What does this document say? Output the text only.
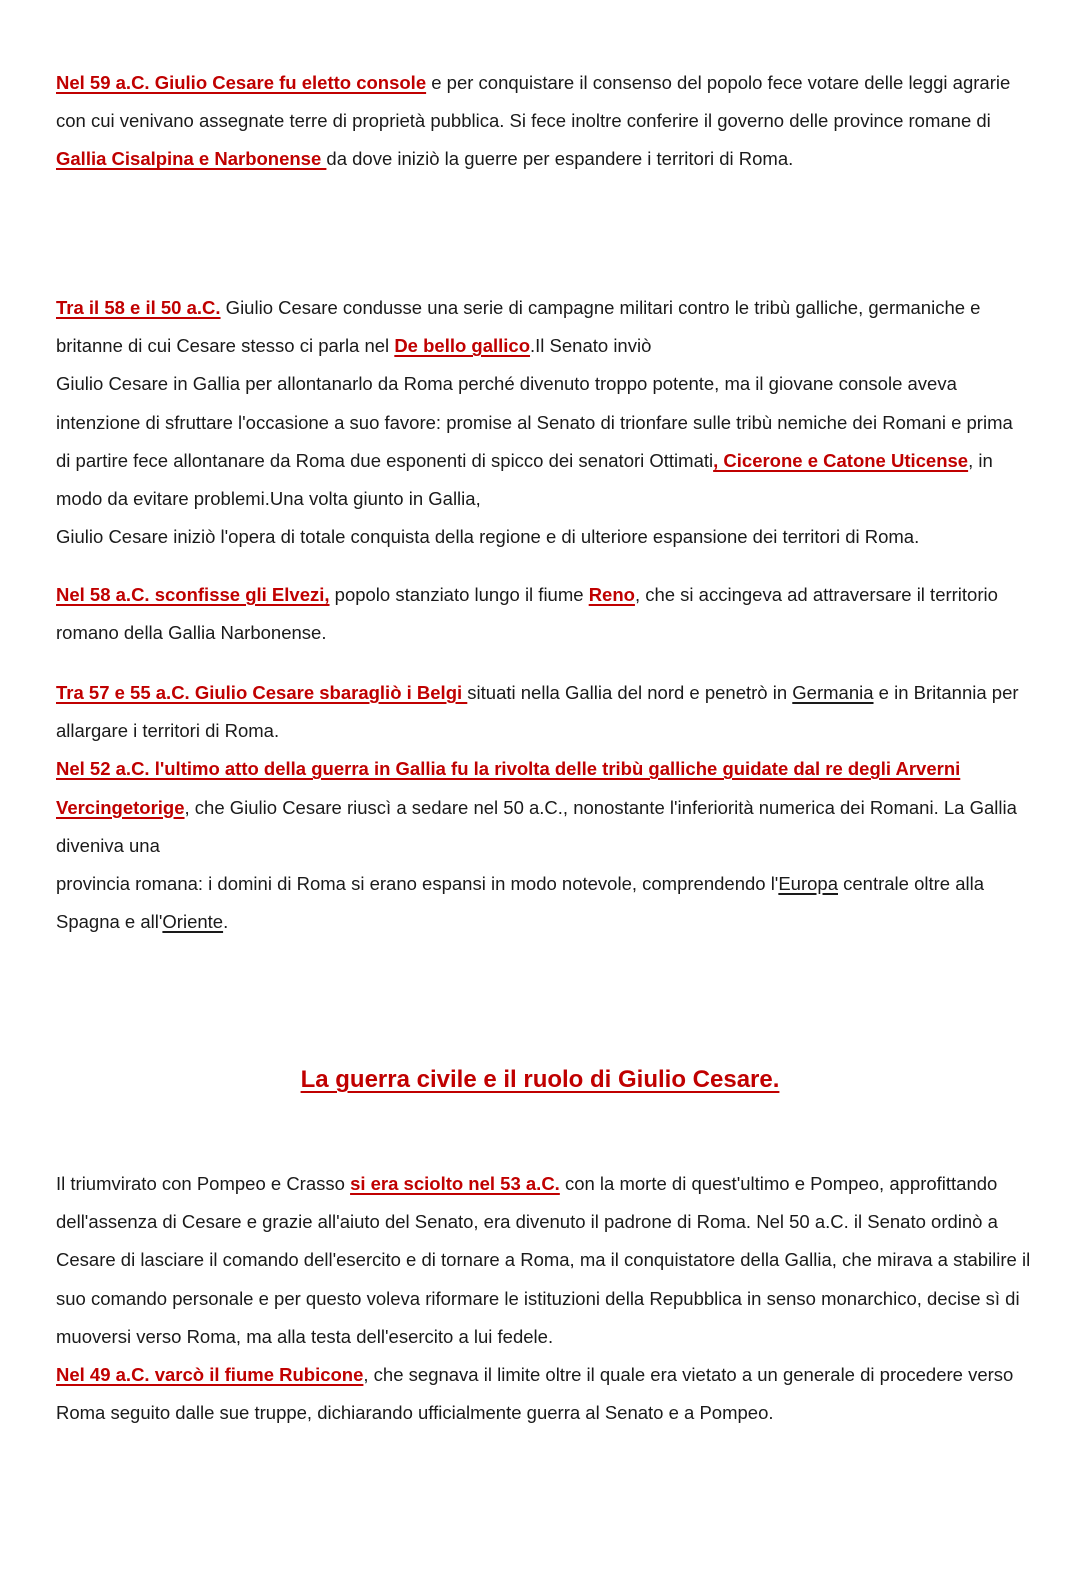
Nel 59 a.C. Giulio Cesare fu eletto console e per conquistare il consenso del popolo fece votare delle leggi agrarie con cui venivano assegnate terre di proprietà pubblica. Si fece inoltre conferire il governo delle province romane di Gallia Cisalpina e Narbonense da dove iniziò la guerre per espandere i territori di Roma.

Tra il 58 e il 50 a.C. Giulio Cesare condusse una serie di campagne militari contro le tribù galliche, germaniche e britanne di cui Cesare stesso ci parla nel De bello gallico.Il Senato inviò
Giulio Cesare in Gallia per allontanarlo da Roma perché divenuto troppo potente, ma il giovane console aveva intenzione di sfruttare l'occasione a suo favore: promise al Senato di trionfare sulle tribù nemiche dei Romani e prima di partire fece allontanare da Roma due esponenti di spicco dei senatori Ottimati, Cicerone e Catone Uticense, in modo da evitare problemi.Una volta giunto in Gallia,
Giulio Cesare iniziò l'opera di totale conquista della regione e di ulteriore espansione dei territori di Roma.

Nel 58 a.C. sconfisse gli Elvezi, popolo stanziato lungo il fiume Reno, che si accingeva ad attraversare il territorio romano della Gallia Narbonense.

Tra 57 e 55 a.C. Giulio Cesare sbaragliò i Belgi situati nella Gallia del nord e penetrò in Germania e in Britannia per allargare i territori di Roma.
Nel 52 a.C. l'ultimo atto della guerra in Gallia fu la rivolta delle tribù galliche guidate dal re degli Arverni Vercingetorige, che Giulio Cesare riuscì a sedare nel 50 a.C., nonostante l'inferiorità numerica dei Romani. La Gallia diveniva una
provincia romana: i domini di Roma si erano espansi in modo notevole, comprendendo l'Europa centrale oltre alla Spagna e all'Oriente.

La guerra civile e il ruolo di Giulio Cesare.

Il triumvirato con Pompeo e Crasso si era sciolto nel 53 a.C. con la morte di quest'ultimo e Pompeo, approfittando dell'assenza di Cesare e grazie all'aiuto del Senato, era divenuto il padrone di Roma. Nel 50 a.C. il Senato ordinò a
Cesare di lasciare il comando dell'esercito e di tornare a Roma, ma il conquistatore della Gallia, che mirava a stabilire il suo comando personale e per questo voleva riformare le istituzioni della Repubblica in senso monarchico, decise sì di muoversi verso Roma, ma alla testa dell'esercito a lui fedele.
Nel 49 a.C. varcò il fiume Rubicone, che segnava il limite oltre il quale era vietato a un generale di procedere verso Roma seguito dalle sue truppe, dichiarando ufficialmente guerra al Senato e a Pompeo.
